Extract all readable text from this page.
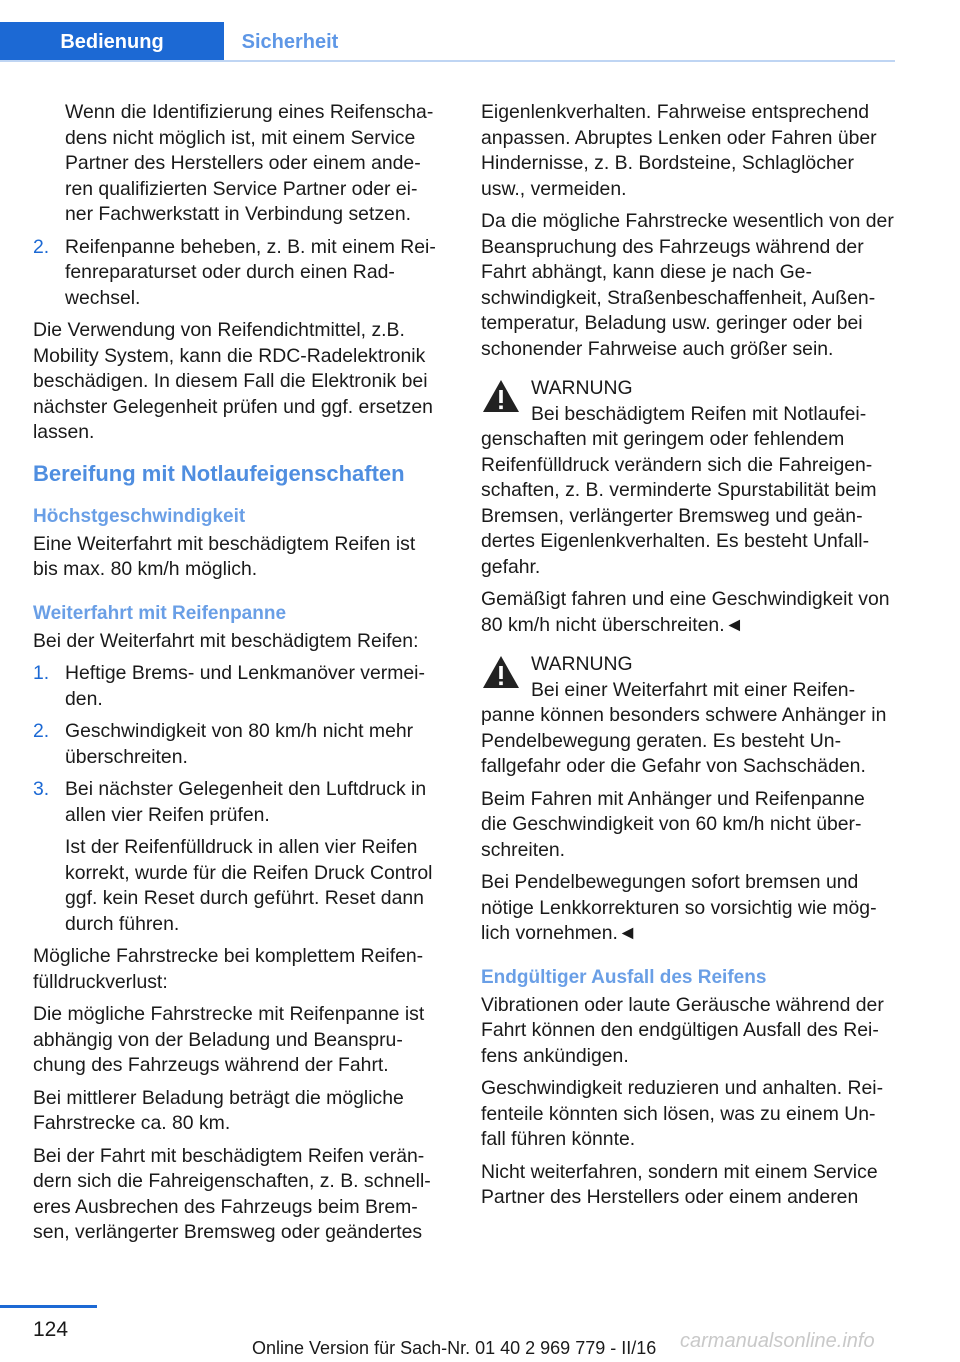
Bedienung	Sicherheit

Wenn die Identifizierung eines Reifenscha‐ dens nicht möglich ist, mit einem Service Partner des Herstellers oder einem ande‐ ren qualifizierten Service Partner oder ei‐ ner Fachwerkstatt in Verbindung setzen.

2. Reifenpanne beheben, z. B. mit einem Rei‐ fenreparaturset oder durch einen Rad‐ wechsel.

Die Verwendung von Reifendichtmittel, z.B. Mobility System, kann die RDC-Radelektronik beschädigen. In diesem Fall die Elektronik bei nächster Gelegenheit prüfen und ggf. ersetzen lassen.

Bereifung mit Notlaufeigenschaften
Höchstgeschwindigkeit

Eine Weiterfahrt mit beschädigtem Reifen ist bis max. 80 km/h möglich.

Weiterfahrt mit Reifenpanne

Bei der Weiterfahrt mit beschädigtem Reifen:

1. Heftige Brems- und Lenkmanöver vermei‐ den.
2. Geschwindigkeit von 80 km/h nicht mehr überschreiten.
3. Bei nächster Gelegenheit den Luftdruck in allen vier Reifen prüfen.

Ist der Reifenfülldruck in allen vier Reifen korrekt, wurde für die Reifen Druck Control ggf. kein Reset durch geführt. Reset dann durch führen.

Mögliche Fahrstrecke bei komplettem Reifen‐ fülldruckverlust:

Die mögliche Fahrstrecke mit Reifenpanne ist abhängig von der Beladung und Beanspru‐ chung des Fahrzeugs während der Fahrt.

Bei mittlerer Beladung beträgt die mögliche Fahrstrecke ca. 80 km.

Bei der Fahrt mit beschädigtem Reifen verän‐ dern sich die Fahreigenschaften, z. B. schnell‐ eres Ausbrechen des Fahrzeugs beim Brem‐ sen, verlängerter Bremsweg oder geändertes

Eigenlenkverhalten. Fahrweise entsprechend anpassen. Abruptes Lenken oder Fahren über Hindernisse, z. B. Bordsteine, Schlaglöcher usw., vermeiden.

Da die mögliche Fahrstrecke wesentlich von der Beanspruchung des Fahrzeugs während der Fahrt abhängt, kann diese je nach Ge‐ schwindigkeit, Straßenbeschaffenheit, Außen‐ temperatur, Beladung usw. geringer oder bei schonender Fahrweise auch größer sein.

WARNUNG
Bei beschädigtem Reifen mit Notlaufei‐ genschaften mit geringem oder fehlendem Reifenfülldruck verändern sich die Fahreigen‐ schaften, z. B. verminderte Spurstabilität beim Bremsen, verlängerter Bremsweg und geän‐ dertes Eigenlenkverhalten. Es besteht Unfall‐ gefahr.

Gemäßigt fahren und eine Geschwindigkeit von 80 km/h nicht überschreiten.◄

WARNUNG
Bei einer Weiterfahrt mit einer Reifen‐ panne können besonders schwere Anhänger in Pendelbewegung geraten. Es besteht Un‐ fallgefahr oder die Gefahr von Sachschäden.

Beim Fahren mit Anhänger und Reifenpanne die Geschwindigkeit von 60 km/h nicht über‐ schreiten.

Bei Pendelbewegungen sofort bremsen und nötige Lenkkorrekturen so vorsichtig wie mög‐ lich vornehmen.◄

Endgültiger Ausfall des Reifens

Vibrationen oder laute Geräusche während der Fahrt können den endgültigen Ausfall des Rei‐ fens ankündigen.

Geschwindigkeit reduzieren und anhalten. Rei‐ fenteile könnten sich lösen, was zu einem Un‐ fall führen könnte.

Nicht weiterfahren, sondern mit einem Service Partner des Herstellers oder einem anderen

124
Online Version für Sach-Nr. 01 40 2 969 779 - II/16 carmanualsonline.info
